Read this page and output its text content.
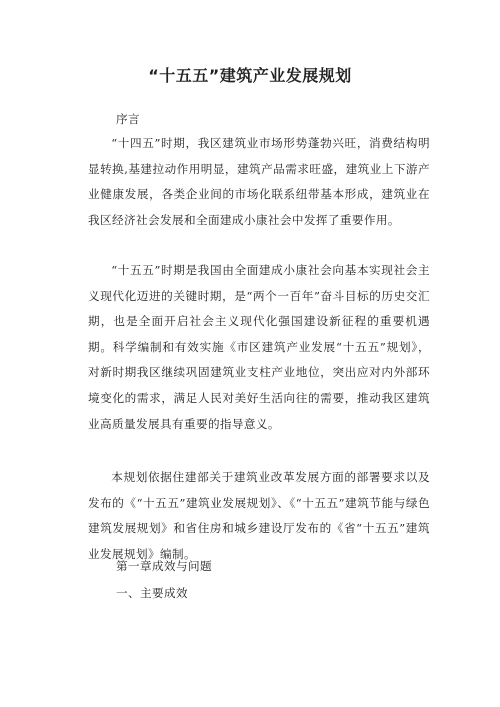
“十五五”建筑产业发展规划
序言

“十四五”时期，我区建筑业市场形势蓬勃兴旺，消费结构明显转换,基建拉动作用明显，建筑产品需求旺盛，建筑业上下游产业健康发展，各类企业间的市场化联系纽带基本形成，建筑业在我区经济社会发展和全面建成小康社会中发挥了重要作用。

“十五五”时期是我国由全面建成小康社会向基本实现社会主义现代化迈进的关键时期，是“两个一百年”奋斗目标的历史交汇期，也是全面开启社会主义现代化强国建设新征程的重要机遇期。科学编制和有效实施《市区建筑产业发展“十五五”规划》，对新时期我区继续巩固建筑业支柱产业地位，突出应对内外部环境变化的需求，满足人民对美好生活向往的需要，推动我区建筑业高质量发展具有重要的指导意义。

本规划依据住建部关于建筑业改革发展方面的部署要求以及发布的《“十五五”建筑业发展规划》、《“十五五”建筑节能与绿色建筑发展规划》和省住房和城乡建设厅发布的《省“十五五”建筑业发展规划》编制。

第一章成效与问题
一、主要成效
